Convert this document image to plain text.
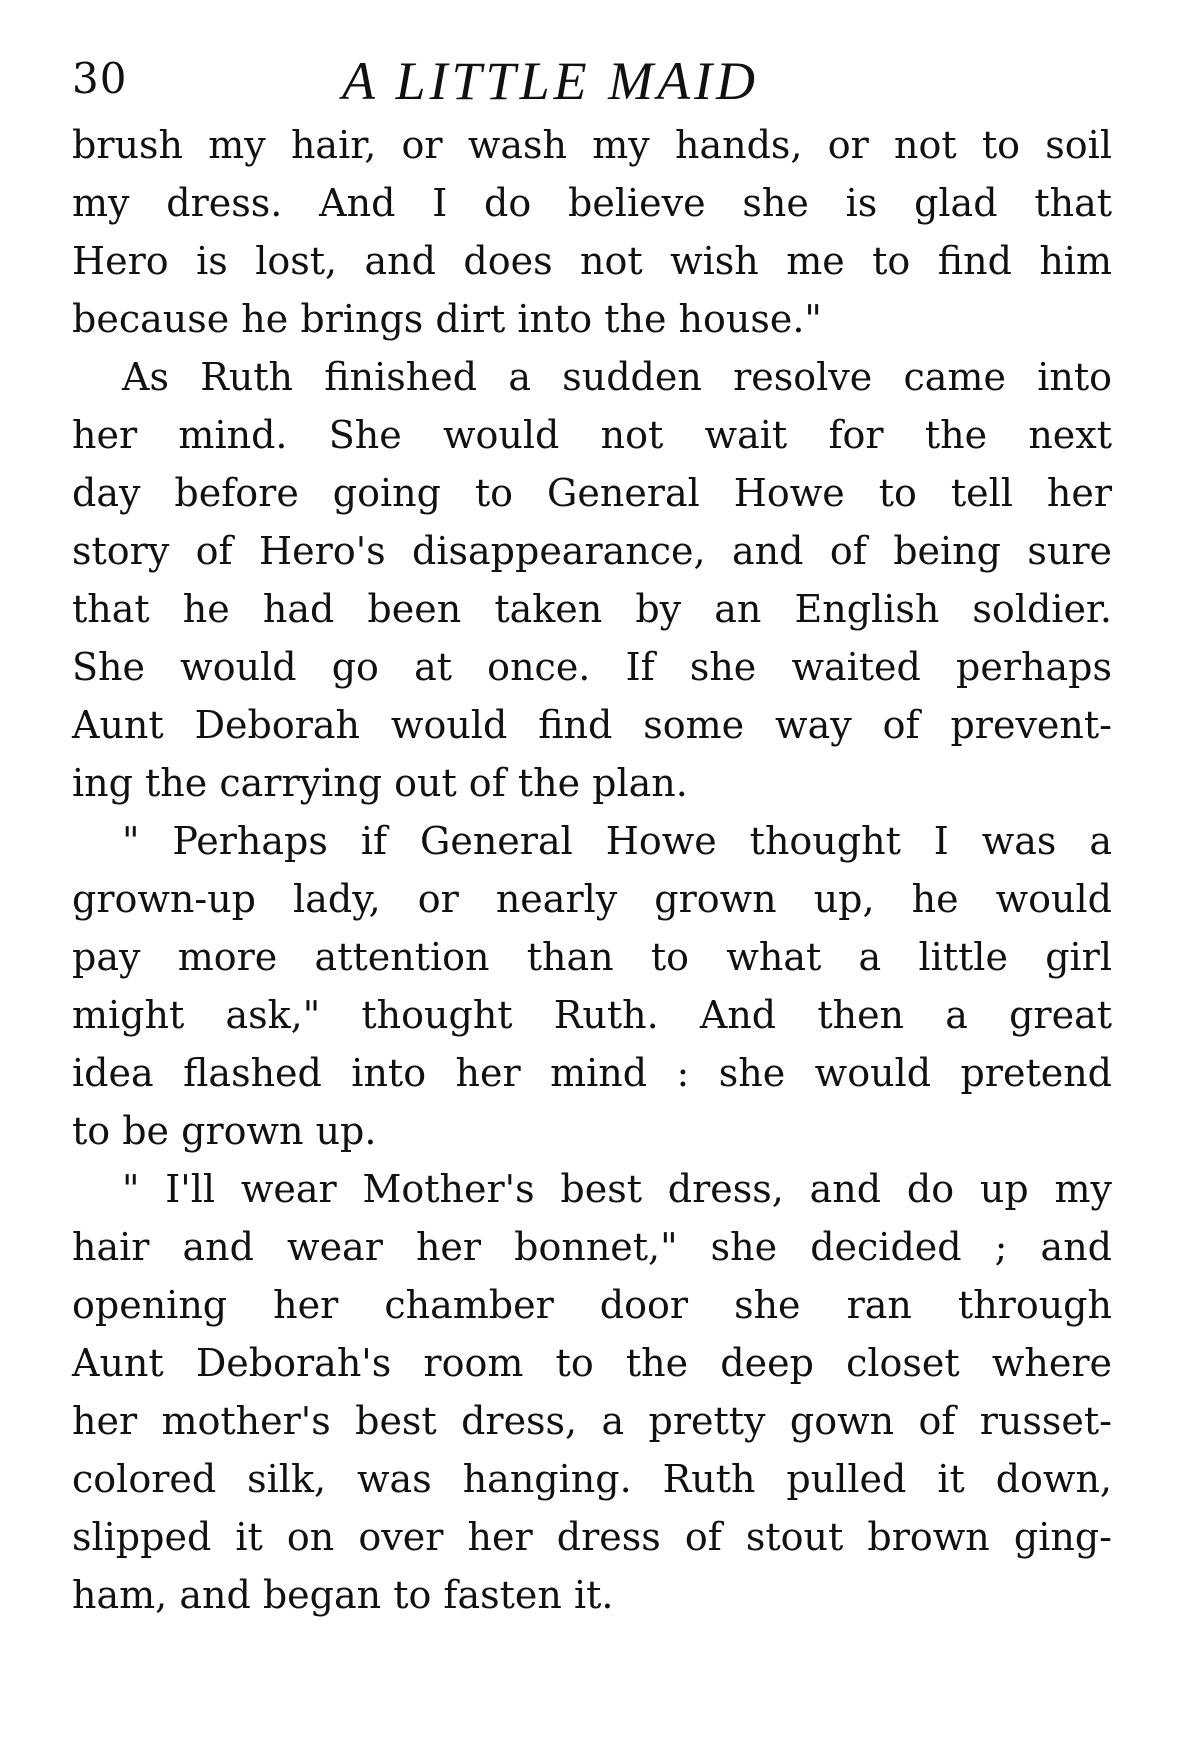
30	A LITTLE MAID

brush my hair, or wash my hands, or not to soil
my dress. And I do believe she is glad that
Hero is lost, and does not wish me to find him
because he brings dirt into the house."

As Ruth finished a sudden resolve came into
her mind. She would not wait for the next
day before going to General Howe to tell her
story of Hero's disappearance, and of being sure
that he had been taken by an English soldier.
She would go at once. If she waited perhaps
Aunt Deborah would find some way of prevent-
ing the carrying out of the plan.

" Perhaps if General Howe thought I was a
grown-up lady, or nearly grown up, he would
pay more attention than to what a little girl
might ask," thought Ruth. And then a great
idea flashed into her mind : she would pretend
to be grown up.

" I'll wear Mother's best dress, and do up my
hair and wear her bonnet," she decided ; and
opening her chamber door she ran through
Aunt Deborah's room to the deep closet where
her mother's best dress, a pretty gown of russet-
colored silk, was hanging. Ruth pulled it down,
slipped it on over her dress of stout brown ging-
ham, and began to fasten it.
